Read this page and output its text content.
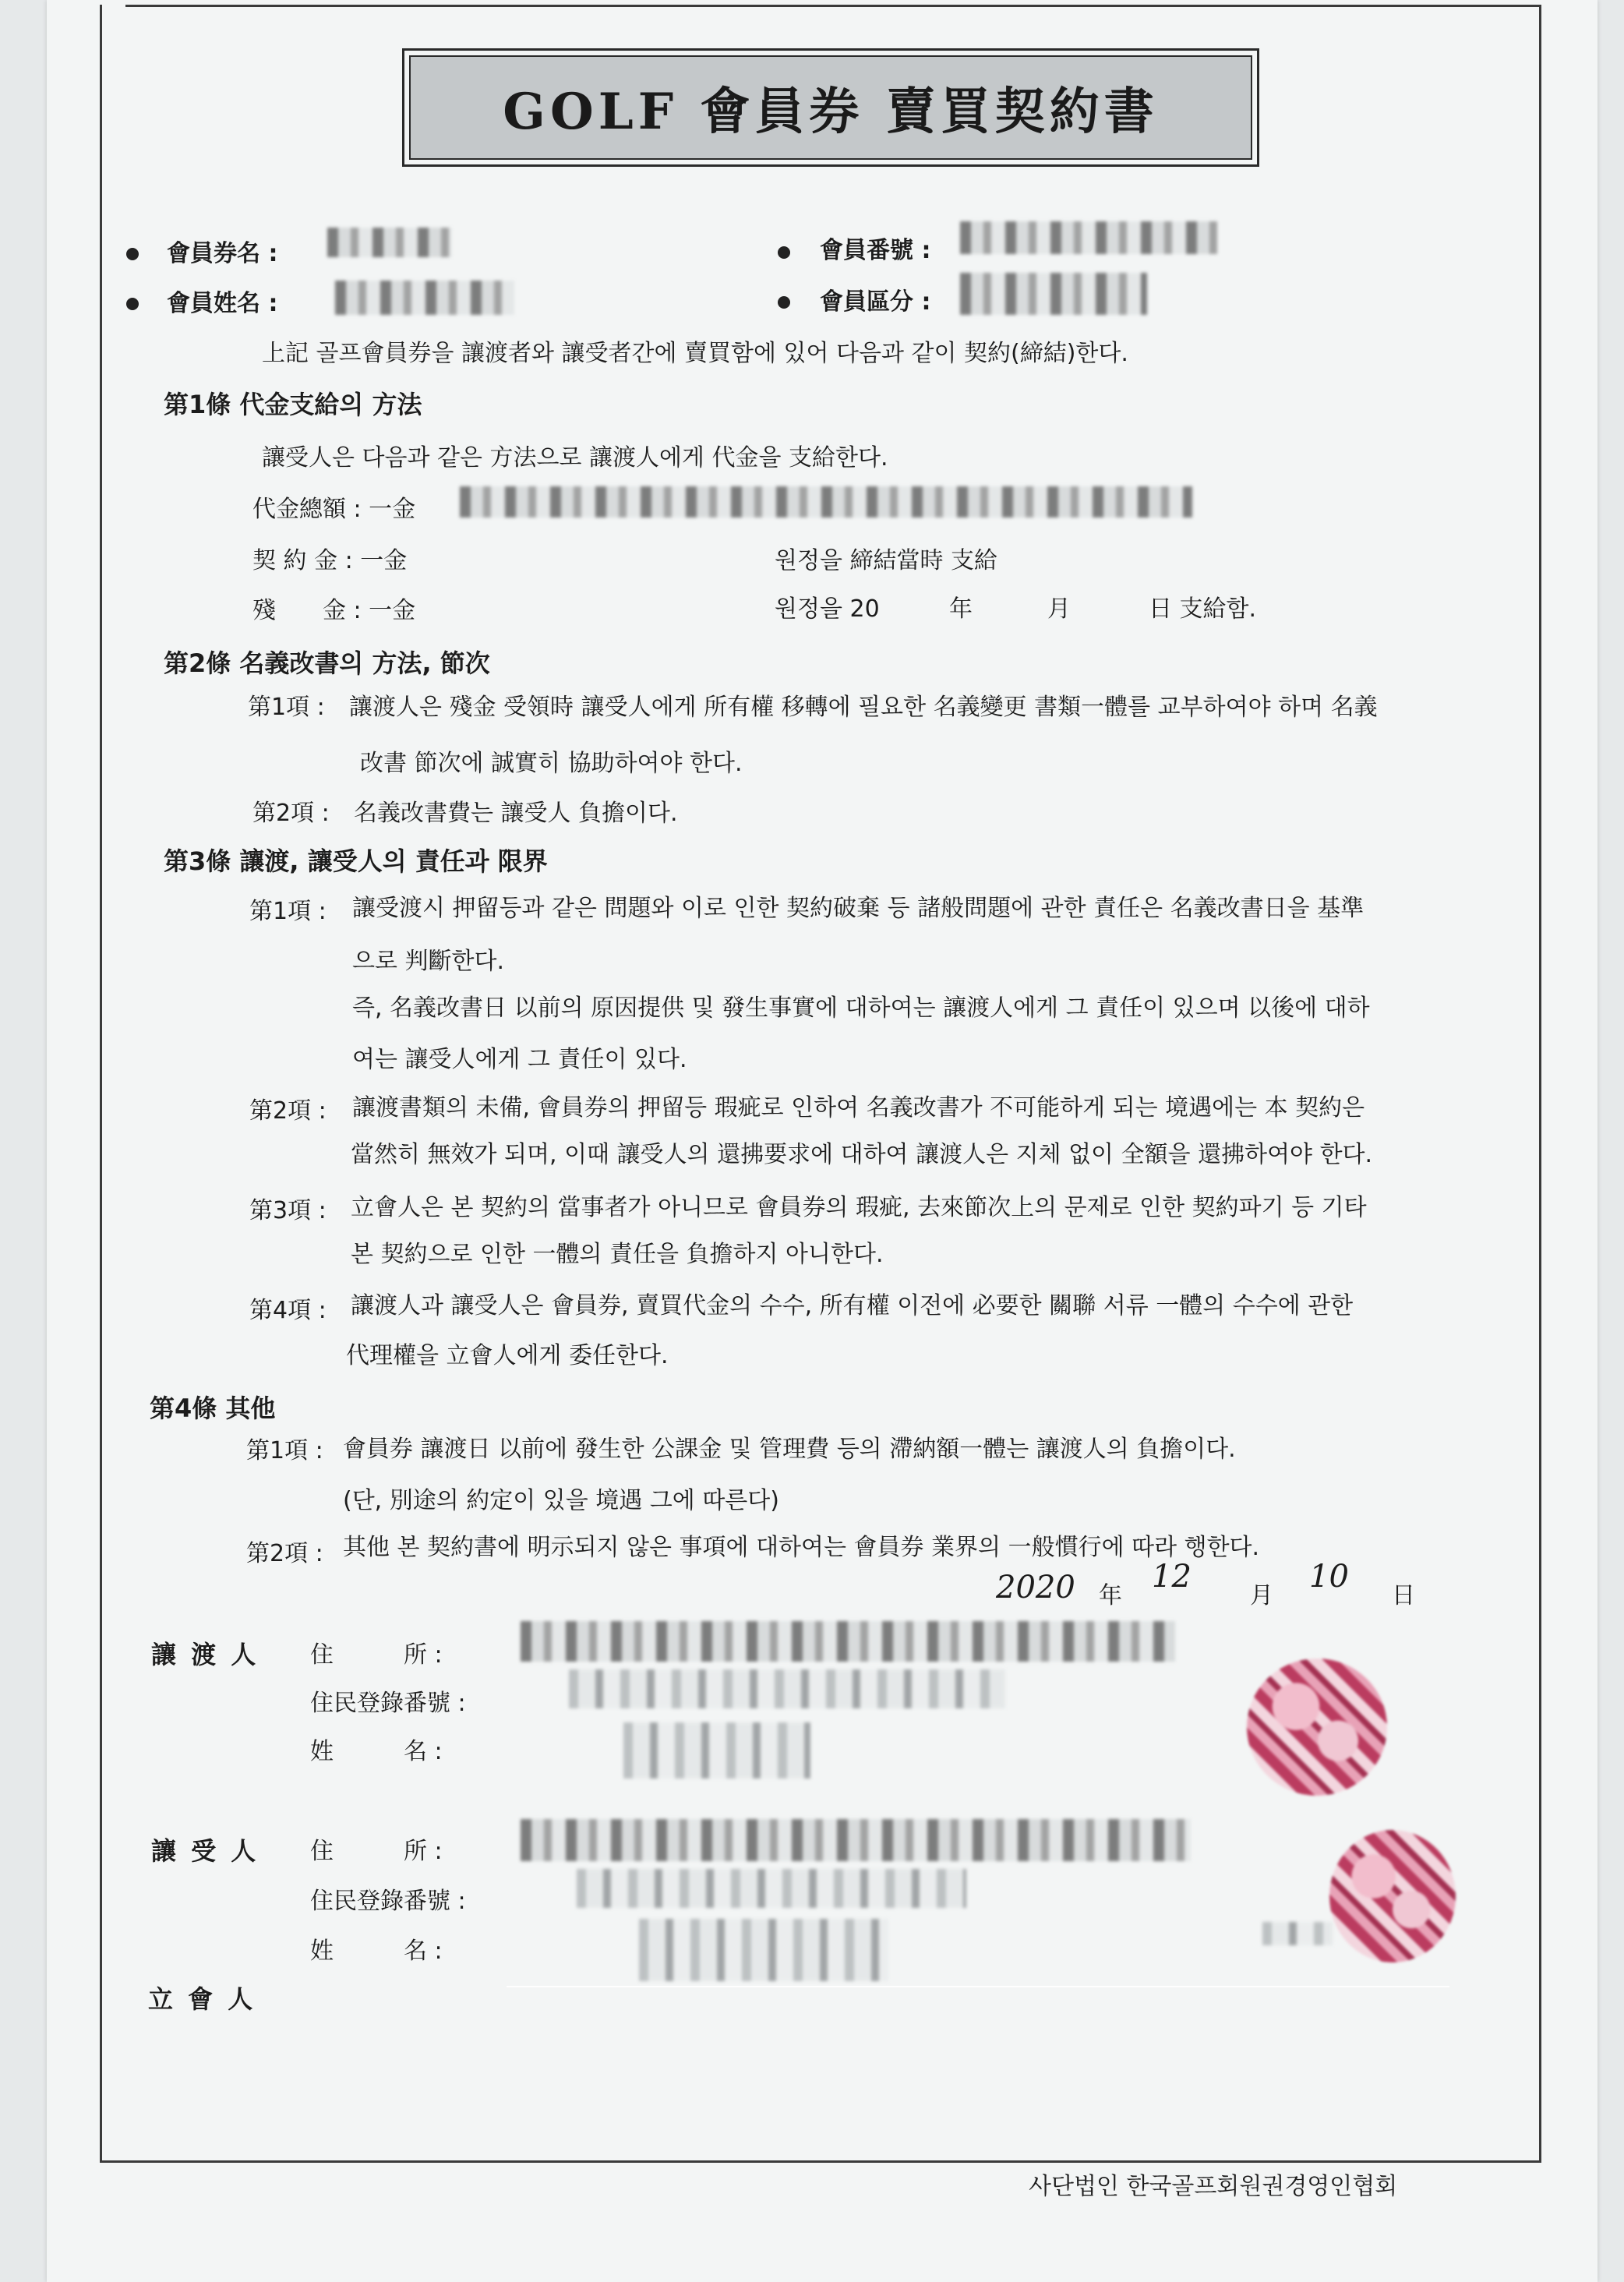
GOLF 會員券 賣買契約書
會員券名 :	會員番號 :
會員姓名 :	會員區分 :
上記 골프會員券을 讓渡者와 讓受者간에 賣買함에 있어 다음과 같이 契約(締結)한다.
第1條 代金支給의 方法
讓受人은 다음과 같은 方法으로 讓渡人에게 代金을 支給한다.
代金總額 : 一金
契 約 金 : 一金	원정을 締結當時 支給
殘　　金 : 一金	원정을 20	年	月	日 支給함.
第2條 名義改書의 方法, 節次
第1項 : 讓渡人은 殘金 受領時 讓受人에게 所有權 移轉에 필요한 名義變更 書類一體를 교부하여야 하며 名義
改書 節次에 誠實히 協助하여야 한다.
第2項 : 名義改書費는 讓受人 負擔이다.
第3條 讓渡, 讓受人의 責任과 限界
第1項 : 讓受渡시 押留등과 같은 問題와 이로 인한 契約破棄 등 諸般問題에 관한 責任은 名義改書日을 基準
으로 判斷한다.
즉, 名義改書日 以前의 原因提供 및 發生事實에 대하여는 讓渡人에게 그 責任이 있으며 以後에 대하
여는 讓受人에게 그 責任이 있다.
第2項 : 讓渡書類의 未備, 會員券의 押留등 瑕疵로 인하여 名義改書가 不可能하게 되는 境遇에는 本 契約은
當然히 無效가 되며, 이때 讓受人의 還拂要求에 대하여 讓渡人은 지체 없이 全額을 還拂하여야 한다.
第3項 : 立會人은 본 契約의 當事者가 아니므로 會員券의 瑕疵, 去來節次上의 문제로 인한 契約파기 등 기타
본 契約으로 인한 一體의 責任을 負擔하지 아니한다.
第4項 : 讓渡人과 讓受人은 會員券, 賣買代金의 수수, 所有權 이전에 必要한 關聯 서류 一體의 수수에 관한
代理權을 立會人에게 委任한다.
第4條 其他
第1項 : 會員券 讓渡日 以前에 發生한 公課金 및 管理費 등의 滯納額一體는 讓渡人의 負擔이다.
(단, 別途의 約定이 있을 境遇 그에 따른다)
第2項 : 其他 본 契約書에 明示되지 않은 事項에 대하여는 會員券 業界의 一般慣行에 따라 행한다.
2020 年
12
月
10
日
讓 渡 人 住　　　所 :
住民登錄番號 :
姓　　　名 :
讓 受 人 住　　　所 :
住民登錄番號 :
姓　　　名 :
立 會 人
사단법인 한국골프회원권경영인협회
